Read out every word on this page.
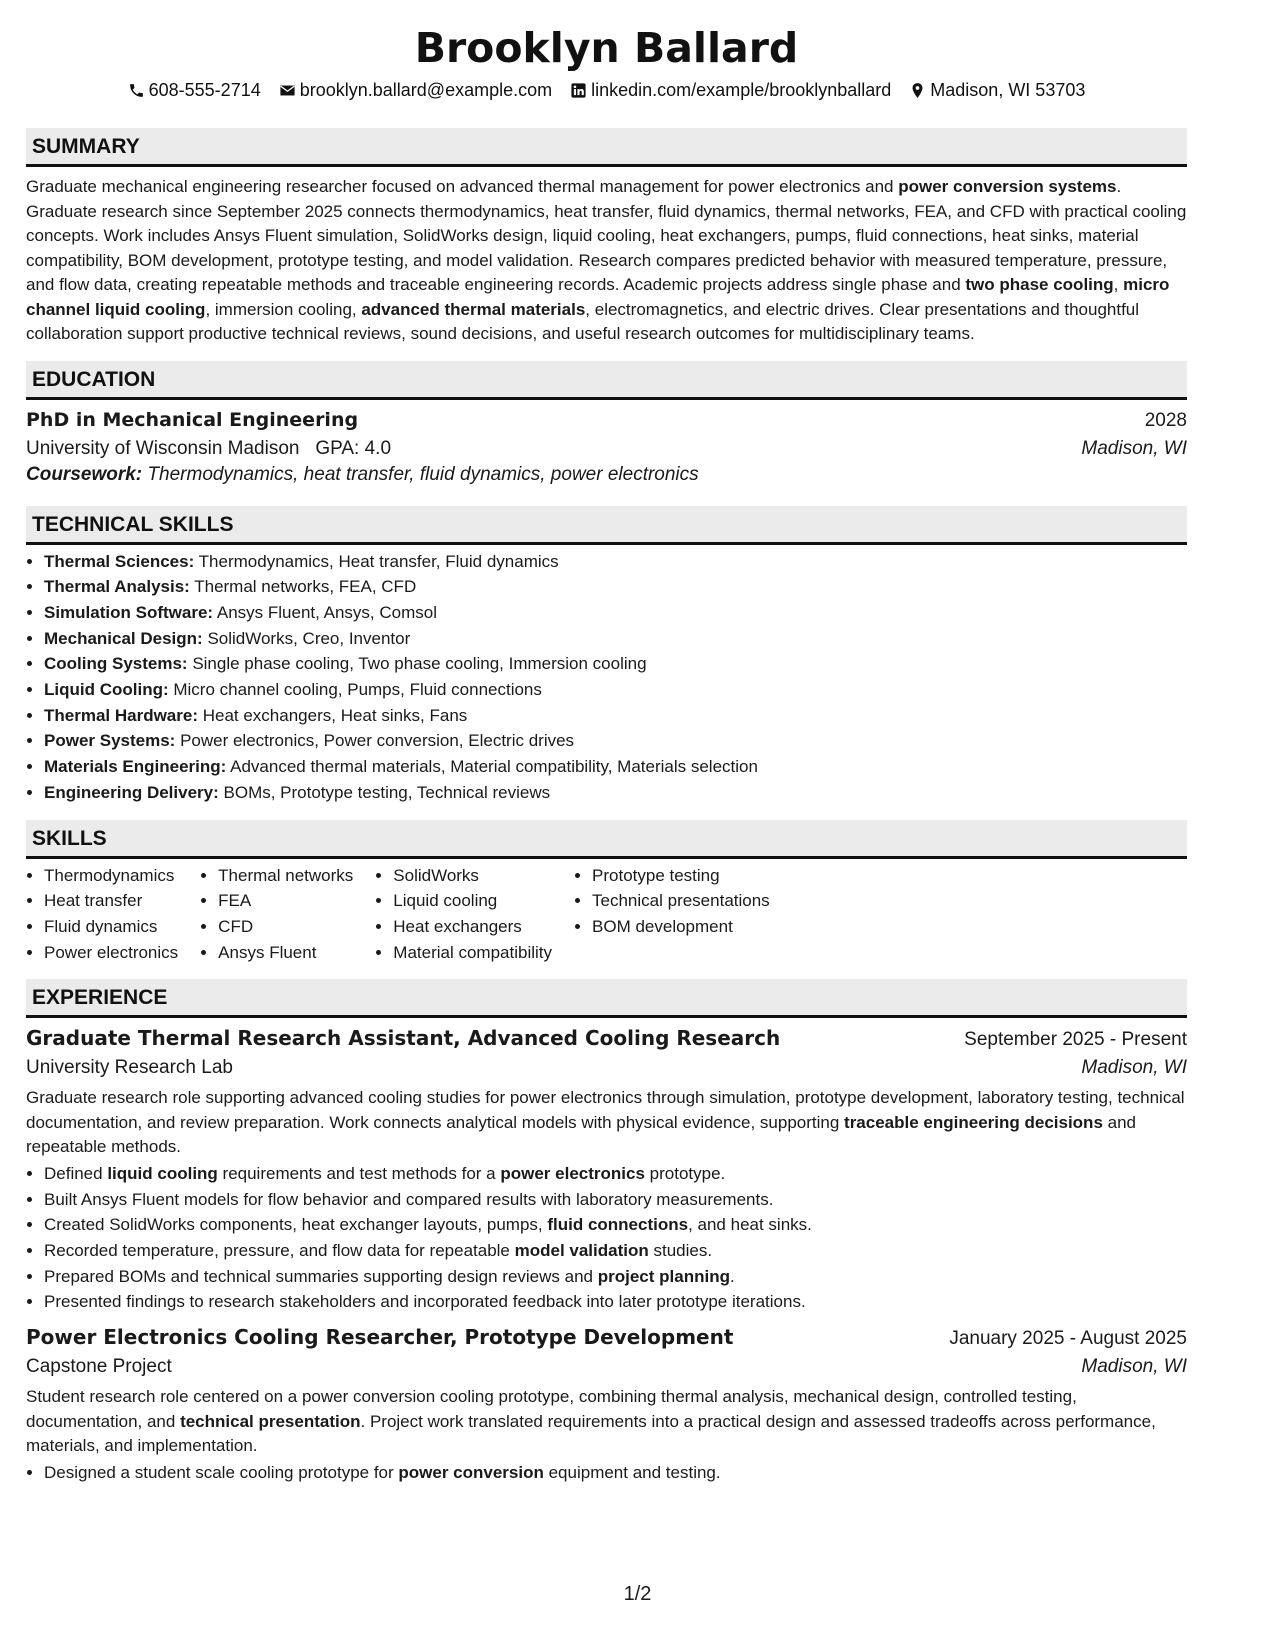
Brooklyn Ballard
608-555-2714 brooklyn.ballard@example.com linkedin.com/example/brooklynballard Madison, WI 53703
SUMMARY

Graduate mechanical engineering researcher focused on advanced thermal management for power electronics and power conversion systems. Graduate research since September 2025 connects thermodynamics, heat transfer, fluid dynamics, thermal networks, FEA, and CFD with practical cooling concepts. Work includes Ansys Fluent simulation, SolidWorks design, liquid cooling, heat exchangers, pumps, fluid connections, heat sinks, material compatibility, BOM development, prototype testing, and model validation. Research compares predicted behavior with measured temperature, pressure, and flow data, creating repeatable methods and traceable engineering records. Academic projects address single phase and two phase cooling, micro channel liquid cooling, immersion cooling, advanced thermal materials, electromagnetics, and electric drives. Clear presentations and thoughtful collaboration support productive technical reviews, sound decisions, and useful research outcomes for multidisciplinary teams.

EDUCATION
PhD in Mechanical Engineering	2028
University of Wisconsin Madison GPA: 4.0	Madison, WI
Coursework: Thermodynamics, heat transfer, fluid dynamics, power electronics
TECHNICAL SKILLS
• Thermal Sciences: Thermodynamics, Heat transfer, Fluid dynamics
• Thermal Analysis: Thermal networks, FEA, CFD
• Simulation Software: Ansys Fluent, Ansys, Comsol
• Mechanical Design: SolidWorks, Creo, Inventor
• Cooling Systems: Single phase cooling, Two phase cooling, Immersion cooling
• Liquid Cooling: Micro channel cooling, Pumps, Fluid connections
• Thermal Hardware: Heat exchangers, Heat sinks, Fans
• Power Systems: Power electronics, Power conversion, Electric drives
• Materials Engineering: Advanced thermal materials, Material compatibility, Materials selection
• Engineering Delivery: BOMs, Prototype testing, Technical reviews
SKILLS
• Thermodynamics
• Heat transfer
• Fluid dynamics
• Power electronics
• Thermal networks
• FEA
• CFD
• Ansys Fluent
• SolidWorks
• Liquid cooling
• Heat exchangers
• Material compatibility
• Prototype testing
• Technical presentations
• BOM development
EXPERIENCE
Graduate Thermal Research Assistant, Advanced Cooling Research	September 2025 - Present
University Research Lab	Madison, WI

Graduate research role supporting advanced cooling studies for power electronics through simulation, prototype development, laboratory testing, technical documentation, and review preparation. Work connects analytical models with physical evidence, supporting traceable engineering decisions and repeatable methods.

• Defined liquid cooling requirements and test methods for a power electronics prototype.
• Built Ansys Fluent models for flow behavior and compared results with laboratory measurements.
• Created SolidWorks components, heat exchanger layouts, pumps, fluid connections, and heat sinks.
• Recorded temperature, pressure, and flow data for repeatable model validation studies.
• Prepared BOMs and technical summaries supporting design reviews and project planning.
• Presented findings to research stakeholders and incorporated feedback into later prototype iterations.
Power Electronics Cooling Researcher, Prototype Development	January 2025 - August 2025
Capstone Project	Madison, WI

Student research role centered on a power conversion cooling prototype, combining thermal analysis, mechanical design, controlled testing, documentation, and technical presentation. Project work translated requirements into a practical design and assessed tradeoffs across performance, materials, and implementation.

• Designed a student scale cooling prototype for power conversion equipment and testing.
1/2
